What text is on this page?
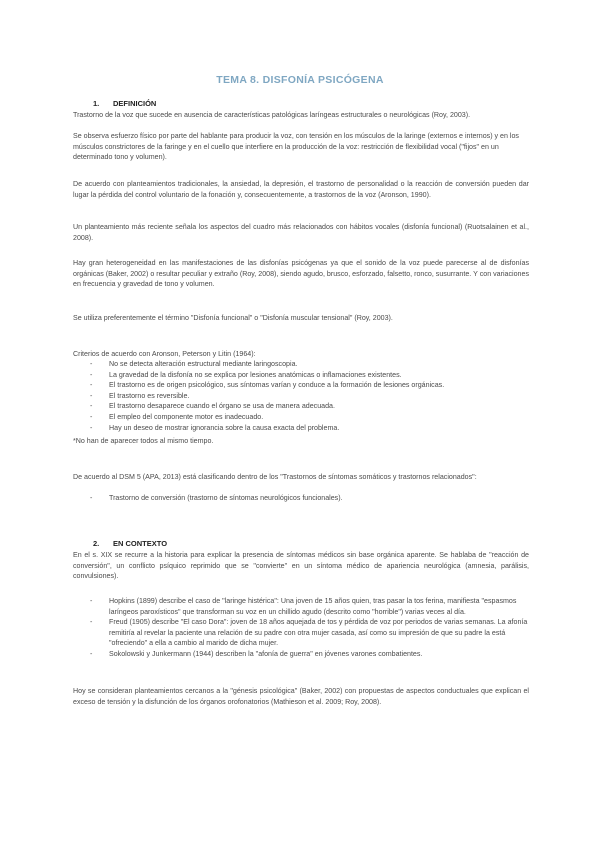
TEMA 8. DISFONÍA PSICÓGENA
1. DEFINICIÓN

Trastorno de la voz que sucede en ausencia de características patológicas laríngeas estructurales o neurológicas (Roy, 2003).

Se observa esfuerzo físico por parte del hablante para producir la voz, con tensión en los músculos de la laringe (externos e internos) y en los músculos constrictores de la faringe y en el cuello que interfiere en la producción de la voz: restricción de flexibilidad vocal ("fijos" en un determinado tono y volumen).

De acuerdo con planteamientos tradicionales, la ansiedad, la depresión, el trastorno de personalidad o la reacción de conversión pueden dar lugar la pérdida del control voluntario de la fonación y, consecuentemente, a trastornos de la voz (Aronson, 1990).

Un planteamiento más reciente señala los aspectos del cuadro más relacionados con hábitos vocales (disfonía funcional) (Ruotsalainen et al., 2008).

Hay gran heterogeneidad en las manifestaciones de las disfonías psicógenas ya que el sonido de la voz puede parecerse al de disfonías orgánicas (Baker, 2002) o resultar peculiar y extraño (Roy, 2008), siendo agudo, brusco, esforzado, falsetto, ronco, susurrante. Y con variaciones en frecuencia y gravedad de tono y volumen.

Se utiliza preferentemente el término "Disfonía funcional" o "Disfonía muscular tensional" (Roy, 2003).

Criterios de acuerdo con Aronson, Peterson y Litin (1964):

- No se detecta alteración estructural mediante laringoscopia.
- La gravedad de la disfonía no se explica por lesiones anatómicas o inflamaciones existentes.
- El trastorno es de origen psicológico, sus síntomas varían y conduce a la formación de lesiones orgánicas.
- El trastorno es reversible.
- El trastorno desaparece cuando el órgano se usa de manera adecuada.
- El empleo del componente motor es inadecuado.
- Hay un deseo de mostrar ignorancia sobre la causa exacta del problema.

*No han de aparecer todos al mismo tiempo.

De acuerdo al DSM 5 (APA, 2013) está clasificando dentro de los "Trastornos de síntomas somáticos y trastornos relacionados":

- Trastorno de conversión (trastorno de síntomas neurológicos funcionales).
2. EN CONTEXTO

En el s. XIX se recurre a la historia para explicar la presencia de síntomas médicos sin base orgánica aparente. Se hablaba de "reacción de conversión", un conflicto psíquico reprimido que se "convierte" en un síntoma médico de apariencia neurológica (amnesia, parálisis, convulsiones).

- Hopkins (1899) describe el caso de "laringe histérica": Una joven de 15 años quien, tras pasar la tos ferina, manifiesta "espasmos laríngeos paroxísticos" que transforman su voz en un chillido agudo (descrito como "horrible") varias veces al día.
- Freud (1905) describe "El caso Dora": joven de 18 años aquejada de tos y pérdida de voz por periodos de varias semanas. La afonía remitiría al revelar la paciente una relación de su padre con otra mujer casada, así como su impresión de que su padre la está "ofreciendo" a ella a cambio al marido de dicha mujer.
- Sokolowski y Junkermann (1944) describen la "afonía de guerra" en jóvenes varones combatientes.

Hoy se consideran planteamientos cercanos a la "génesis psicológica" (Baker, 2002) con propuestas de aspectos conductuales que explican el exceso de tensión y la disfunción de los órganos orofonatorios (Mathieson et al. 2009; Roy, 2008).
